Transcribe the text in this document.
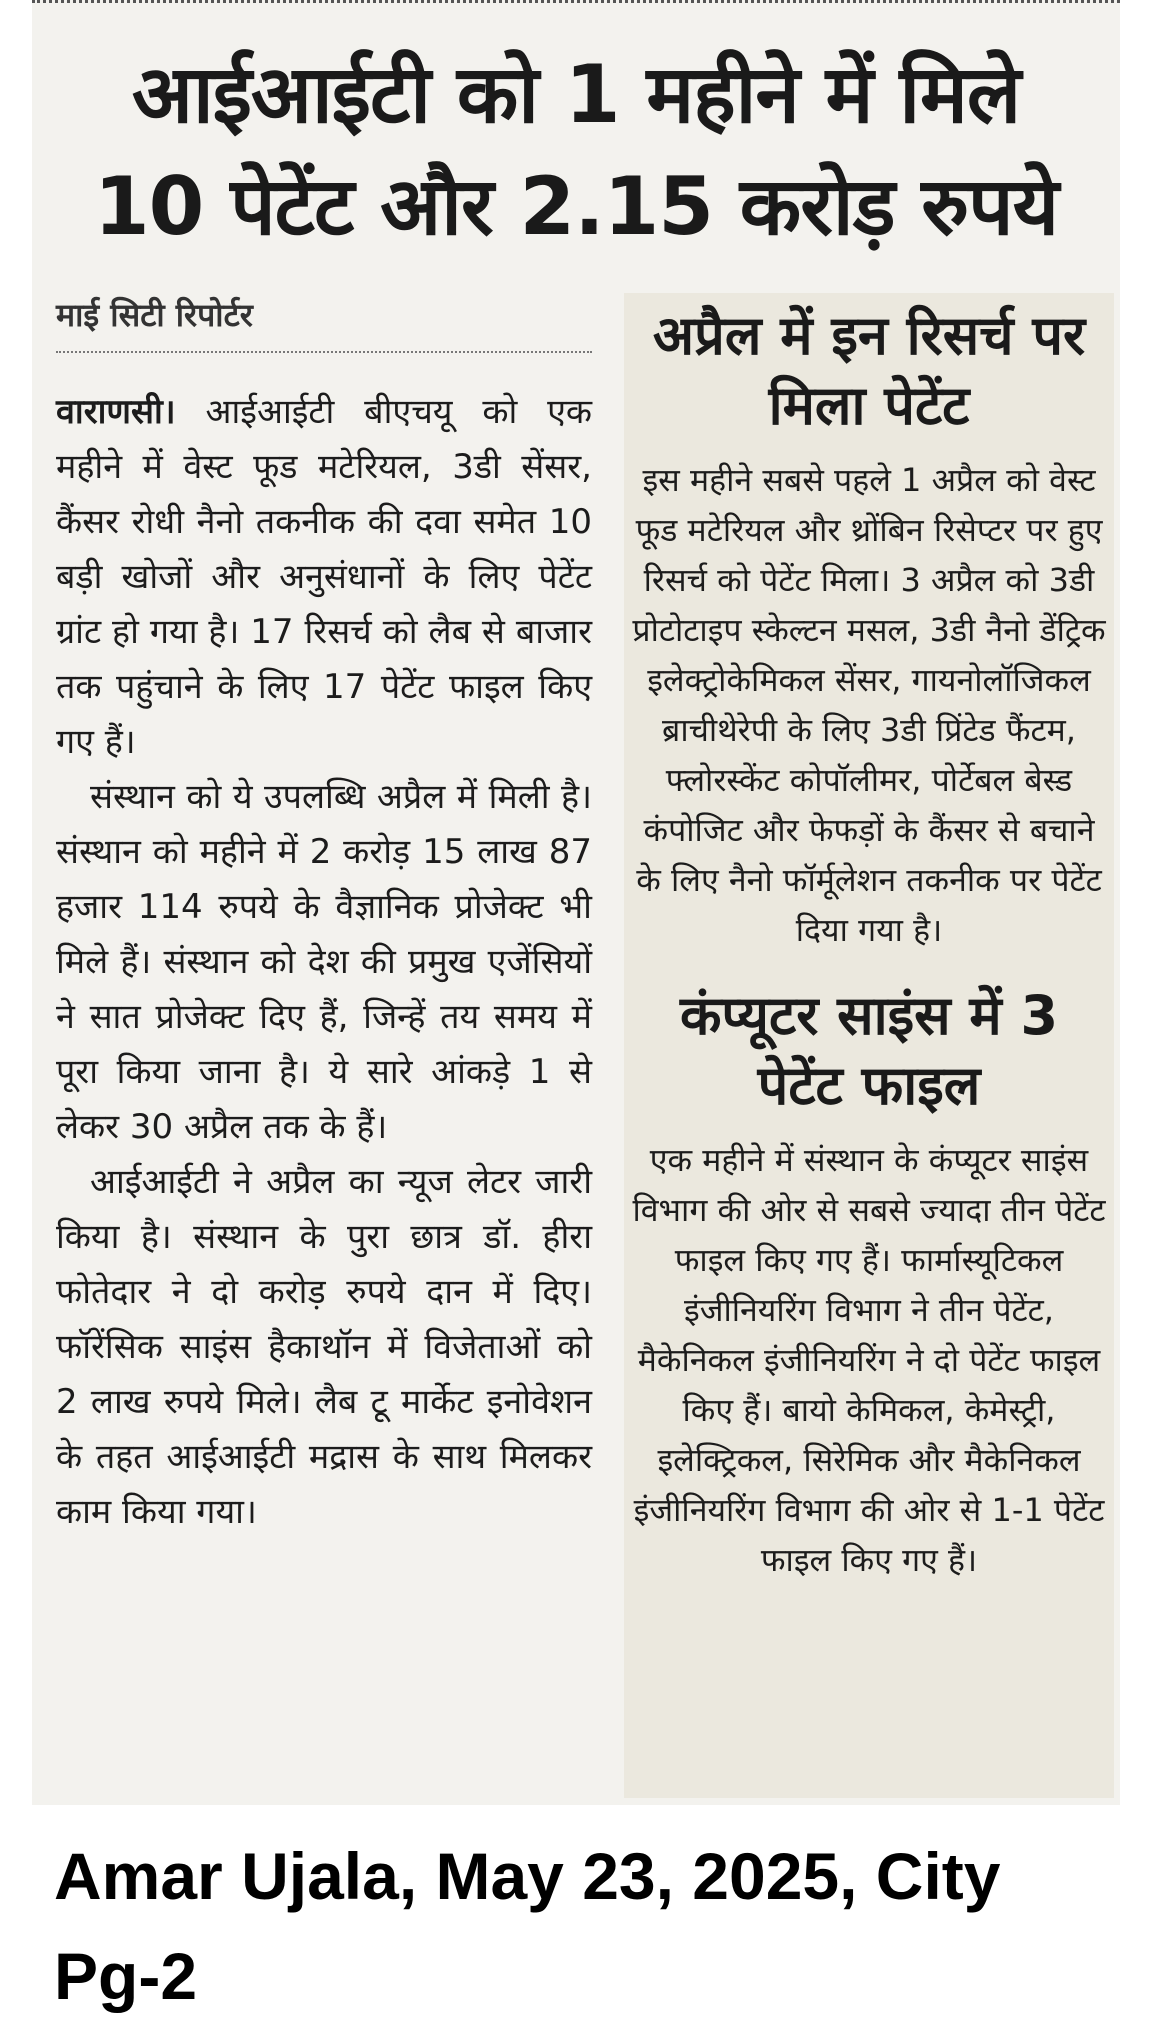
आईआईटी को 1 महीने में मिले
10 पेटेंट और 2.15 करोड़ रुपये
माई सिटी रिपोर्टर

वाराणसी। आईआईटी बीएचयू को एक महीने में वेस्ट फूड मटेरियल, 3डी सेंसर, कैंसर रोधी नैनो तकनीक की दवा समेत 10 बड़ी खोजों और अनुसंधानों के लिए पेटेंट ग्रांट हो गया है। 17 रिसर्च को लैब से बाजार तक पहुंचाने के लिए 17 पेटेंट फाइल किए गए हैं।

संस्थान को ये उपलब्धि अप्रैल में मिली है। संस्थान को महीने में 2 करोड़ 15 लाख 87 हजार 114 रुपये के वैज्ञानिक प्रोजेक्ट भी मिले हैं। संस्थान को देश की प्रमुख एजेंसियों ने सात प्रोजेक्ट दिए हैं, जिन्हें तय समय में पूरा किया जाना है। ये सारे आंकड़े 1 से लेकर 30 अप्रैल तक के हैं।

आईआईटी ने अप्रैल का न्यूज लेटर जारी किया है। संस्थान के पुरा छात्र डॉ. हीरा फोतेदार ने दो करोड़ रुपये दान में दिए। फॉरेंसिक साइंस हैकाथॉन में विजेताओं को 2 लाख रुपये मिले। लैब टू मार्केट इनोवेशन के तहत आईआईटी मद्रास के साथ मिलकर काम किया गया।

अप्रैल में इन रिसर्च पर मिला पेटेंट

इस महीने सबसे पहले 1 अप्रैल को वेस्ट फूड मटेरियल और थ्रोंबिन रिसेप्टर पर हुए रिसर्च को पेटेंट मिला। 3 अप्रैल को 3डी प्रोटोटाइप स्केल्टन मसल, 3डी नैनो डेंट्रिक इलेक्ट्रोकेमिकल सेंसर, गायनोलॉजिकल ब्राचीथेरेपी के लिए 3डी प्रिंटेड फैंटम, फ्लोरस्केंट कोपॉलीमर, पोर्टेबल बेस्ड कंपोजिट और फेफड़ों के कैंसर से बचाने के लिए नैनो फॉर्मूलेशन तकनीक पर पेटेंट दिया गया है।

कंप्यूटर साइंस में 3 पेटेंट फाइल

एक महीने में संस्थान के कंप्यूटर साइंस विभाग की ओर से सबसे ज्यादा तीन पेटेंट फाइल किए गए हैं। फार्मास्यूटिकल इंजीनियरिंग विभाग ने तीन पेटेंट, मैकेनिकल इंजीनियरिंग ने दो पेटेंट फाइल किए हैं। बायो केमिकल, केमेस्ट्री, इलेक्ट्रिकल, सिरेमिक और मैकेनिकल इंजीनियरिंग विभाग की ओर से 1-1 पेटेंट फाइल किए गए हैं।

Amar Ujala, May 23, 2025, City Pg-2
